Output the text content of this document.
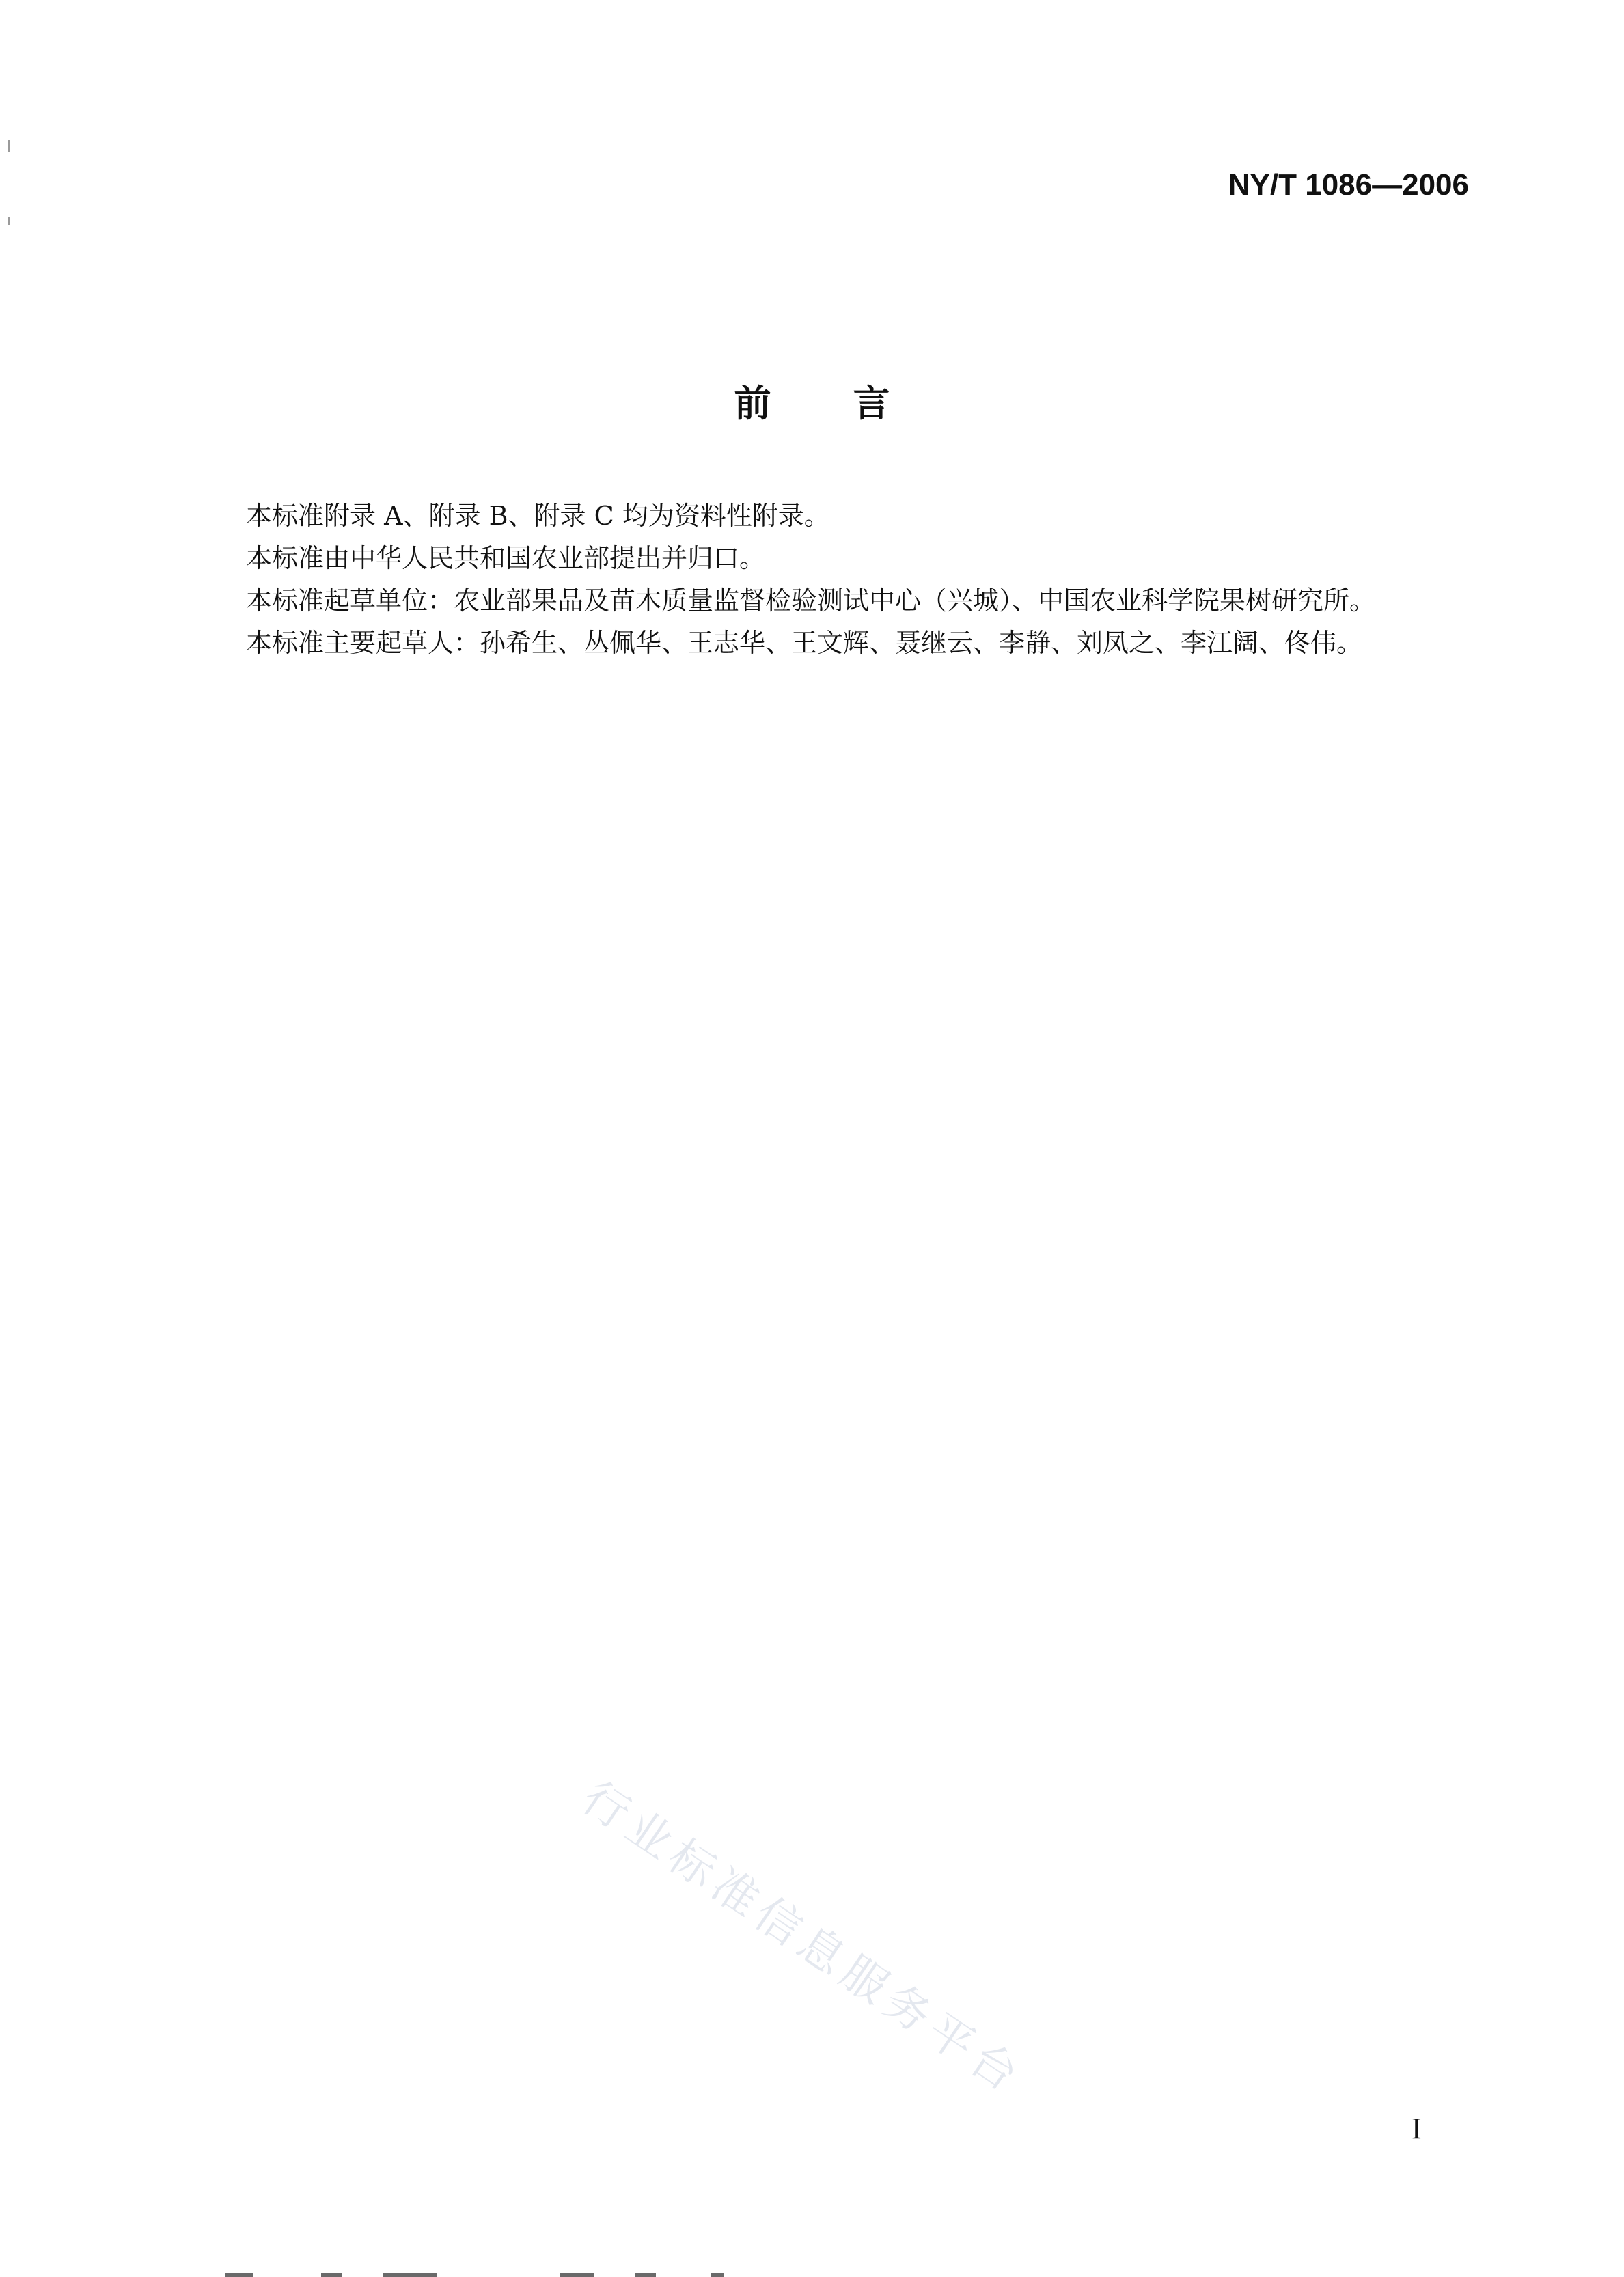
NY/T 1086—2006
前言

本标准附录 A、附录 B、附录 C 均为资料性附录。

本标准由中华人民共和国农业部提出并归口。

本标准起草单位：农业部果品及苗木质量监督检验测试中心（兴城）、中国农业科学院果树研究所。

本标准主要起草人：孙希生、丛佩华、王志华、王文辉、聂继云、李静、刘凤之、李江阔、佟伟。

行业标准信息服务平台
I
